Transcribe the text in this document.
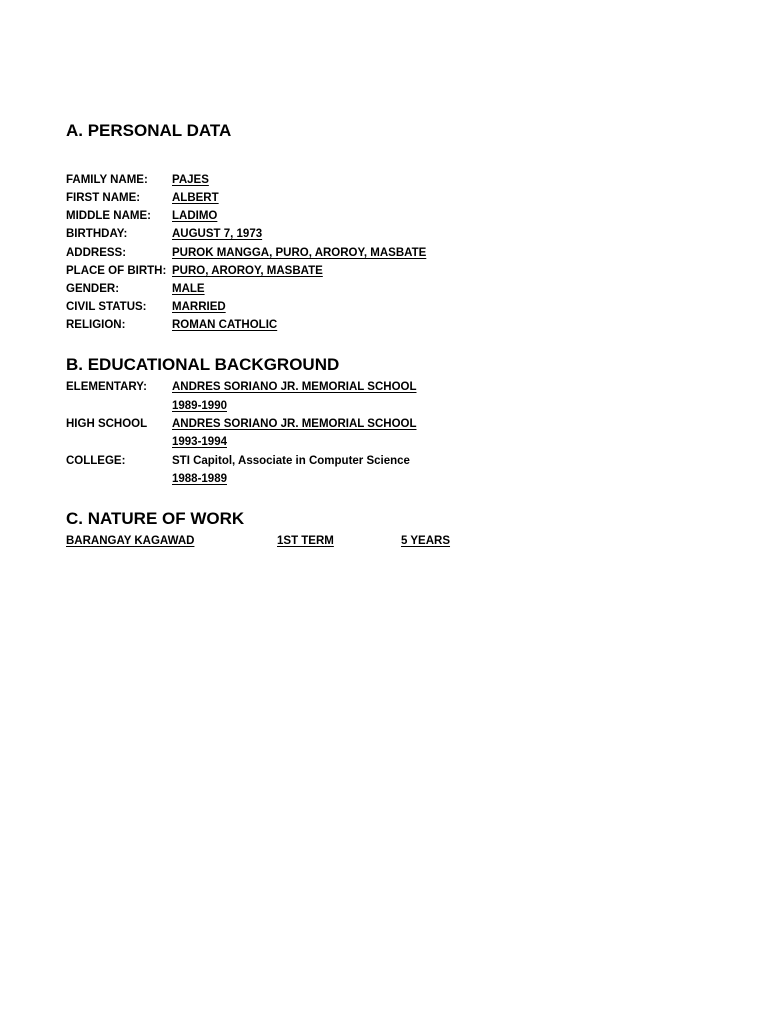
A. PERSONAL DATA
FAMILY NAME: PAJES
FIRST NAME:	ALBERT
MIDDLE NAME: LADIMO
BIRTHDAY:	AUGUST 7, 1973
ADDRESS:	PUROK MANGGA, PURO, AROROY, MASBATE
PLACE OF BIRTH: PURO, AROROY, MASBATE
GENDER:	MALE
CIVIL STATUS: MARRIED
RELIGION:	ROMAN CATHOLIC
B. EDUCATIONAL BACKGROUND
ELEMENTARY: ANDRES SORIANO JR. MEMORIAL SCHOOL
1989-1990
HIGH SCHOOL ANDRES SORIANO JR. MEMORIAL SCHOOL
1993-1994
COLLEGE:	STI Capitol, Associate in Computer Science
1988-1989
C. NATURE OF WORK
BARANGAY KAGAWAD	1ST TERM	5 YEARS
